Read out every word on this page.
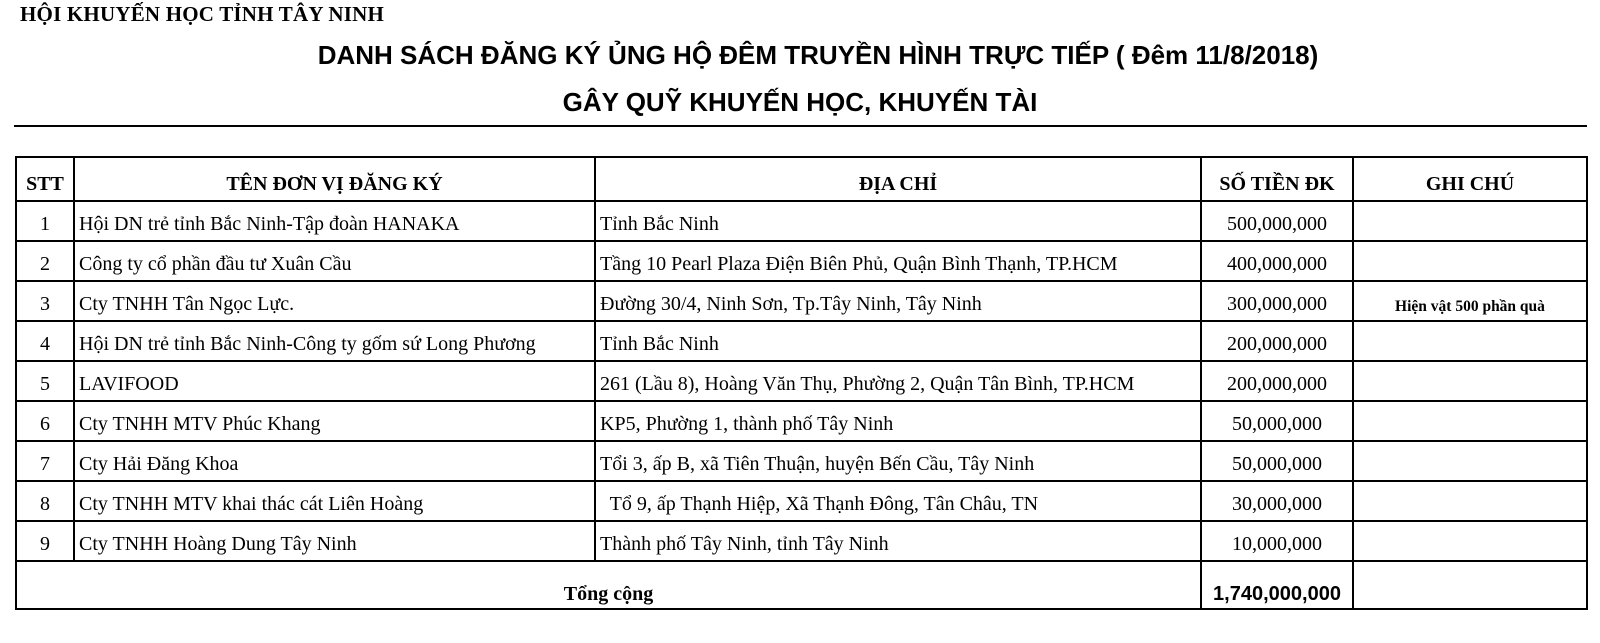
HỘI KHUYẾN HỌC TỈNH TÂY NINH
DANH SÁCH ĐĂNG KÝ ỦNG HỘ ĐÊM TRUYỀN HÌNH TRỰC TIẾP ( Đêm 11/8/2018)
GÂY QUỸ KHUYẾN HỌC, KHUYẾN TÀI
STT	TÊN ĐƠN VỊ ĐĂNG KÝ	ĐỊA CHỈ	SỐ TIỀN ĐK	GHI CHÚ
1	Hội DN trẻ tỉnh Bắc Ninh-Tập đoàn HANAKA	Tỉnh Bắc Ninh	500,000,000	
2	Công ty cổ phần đầu tư Xuân Cầu	Tầng 10 Pearl Plaza Điện Biên Phủ, Quận Bình Thạnh, TP.HCM	400,000,000	
3	Cty TNHH Tân Ngọc Lực.	Đường 30/4, Ninh Sơn, Tp.Tây Ninh, Tây Ninh	300,000,000	Hiện vật 500 phần quà
4	Hội DN trẻ tỉnh Bắc Ninh-Công ty gốm sứ Long Phương	Tỉnh Bắc Ninh	200,000,000	
5	LAVIFOOD	261 (Lầu 8), Hoàng Văn Thụ, Phường 2, Quận Tân Bình, TP.HCM	200,000,000	
6	Cty TNHH MTV Phúc Khang	KP5, Phường 1, thành phố Tây Ninh	50,000,000	
7	Cty Hải Đăng Khoa	Tổi 3, ấp B, xã Tiên Thuận, huyện Bến Cầu, Tây Ninh	50,000,000	
8	Cty TNHH MTV khai thác cát Liên Hoàng	Tổ 9, ấp Thạnh Hiệp, Xã Thạnh Đông, Tân Châu, TN	30,000,000	
9	Cty TNHH Hoàng Dung Tây Ninh	Thành phố Tây Ninh, tỉnh Tây Ninh	10,000,000	
Tổng cộng			1,740,000,000	
